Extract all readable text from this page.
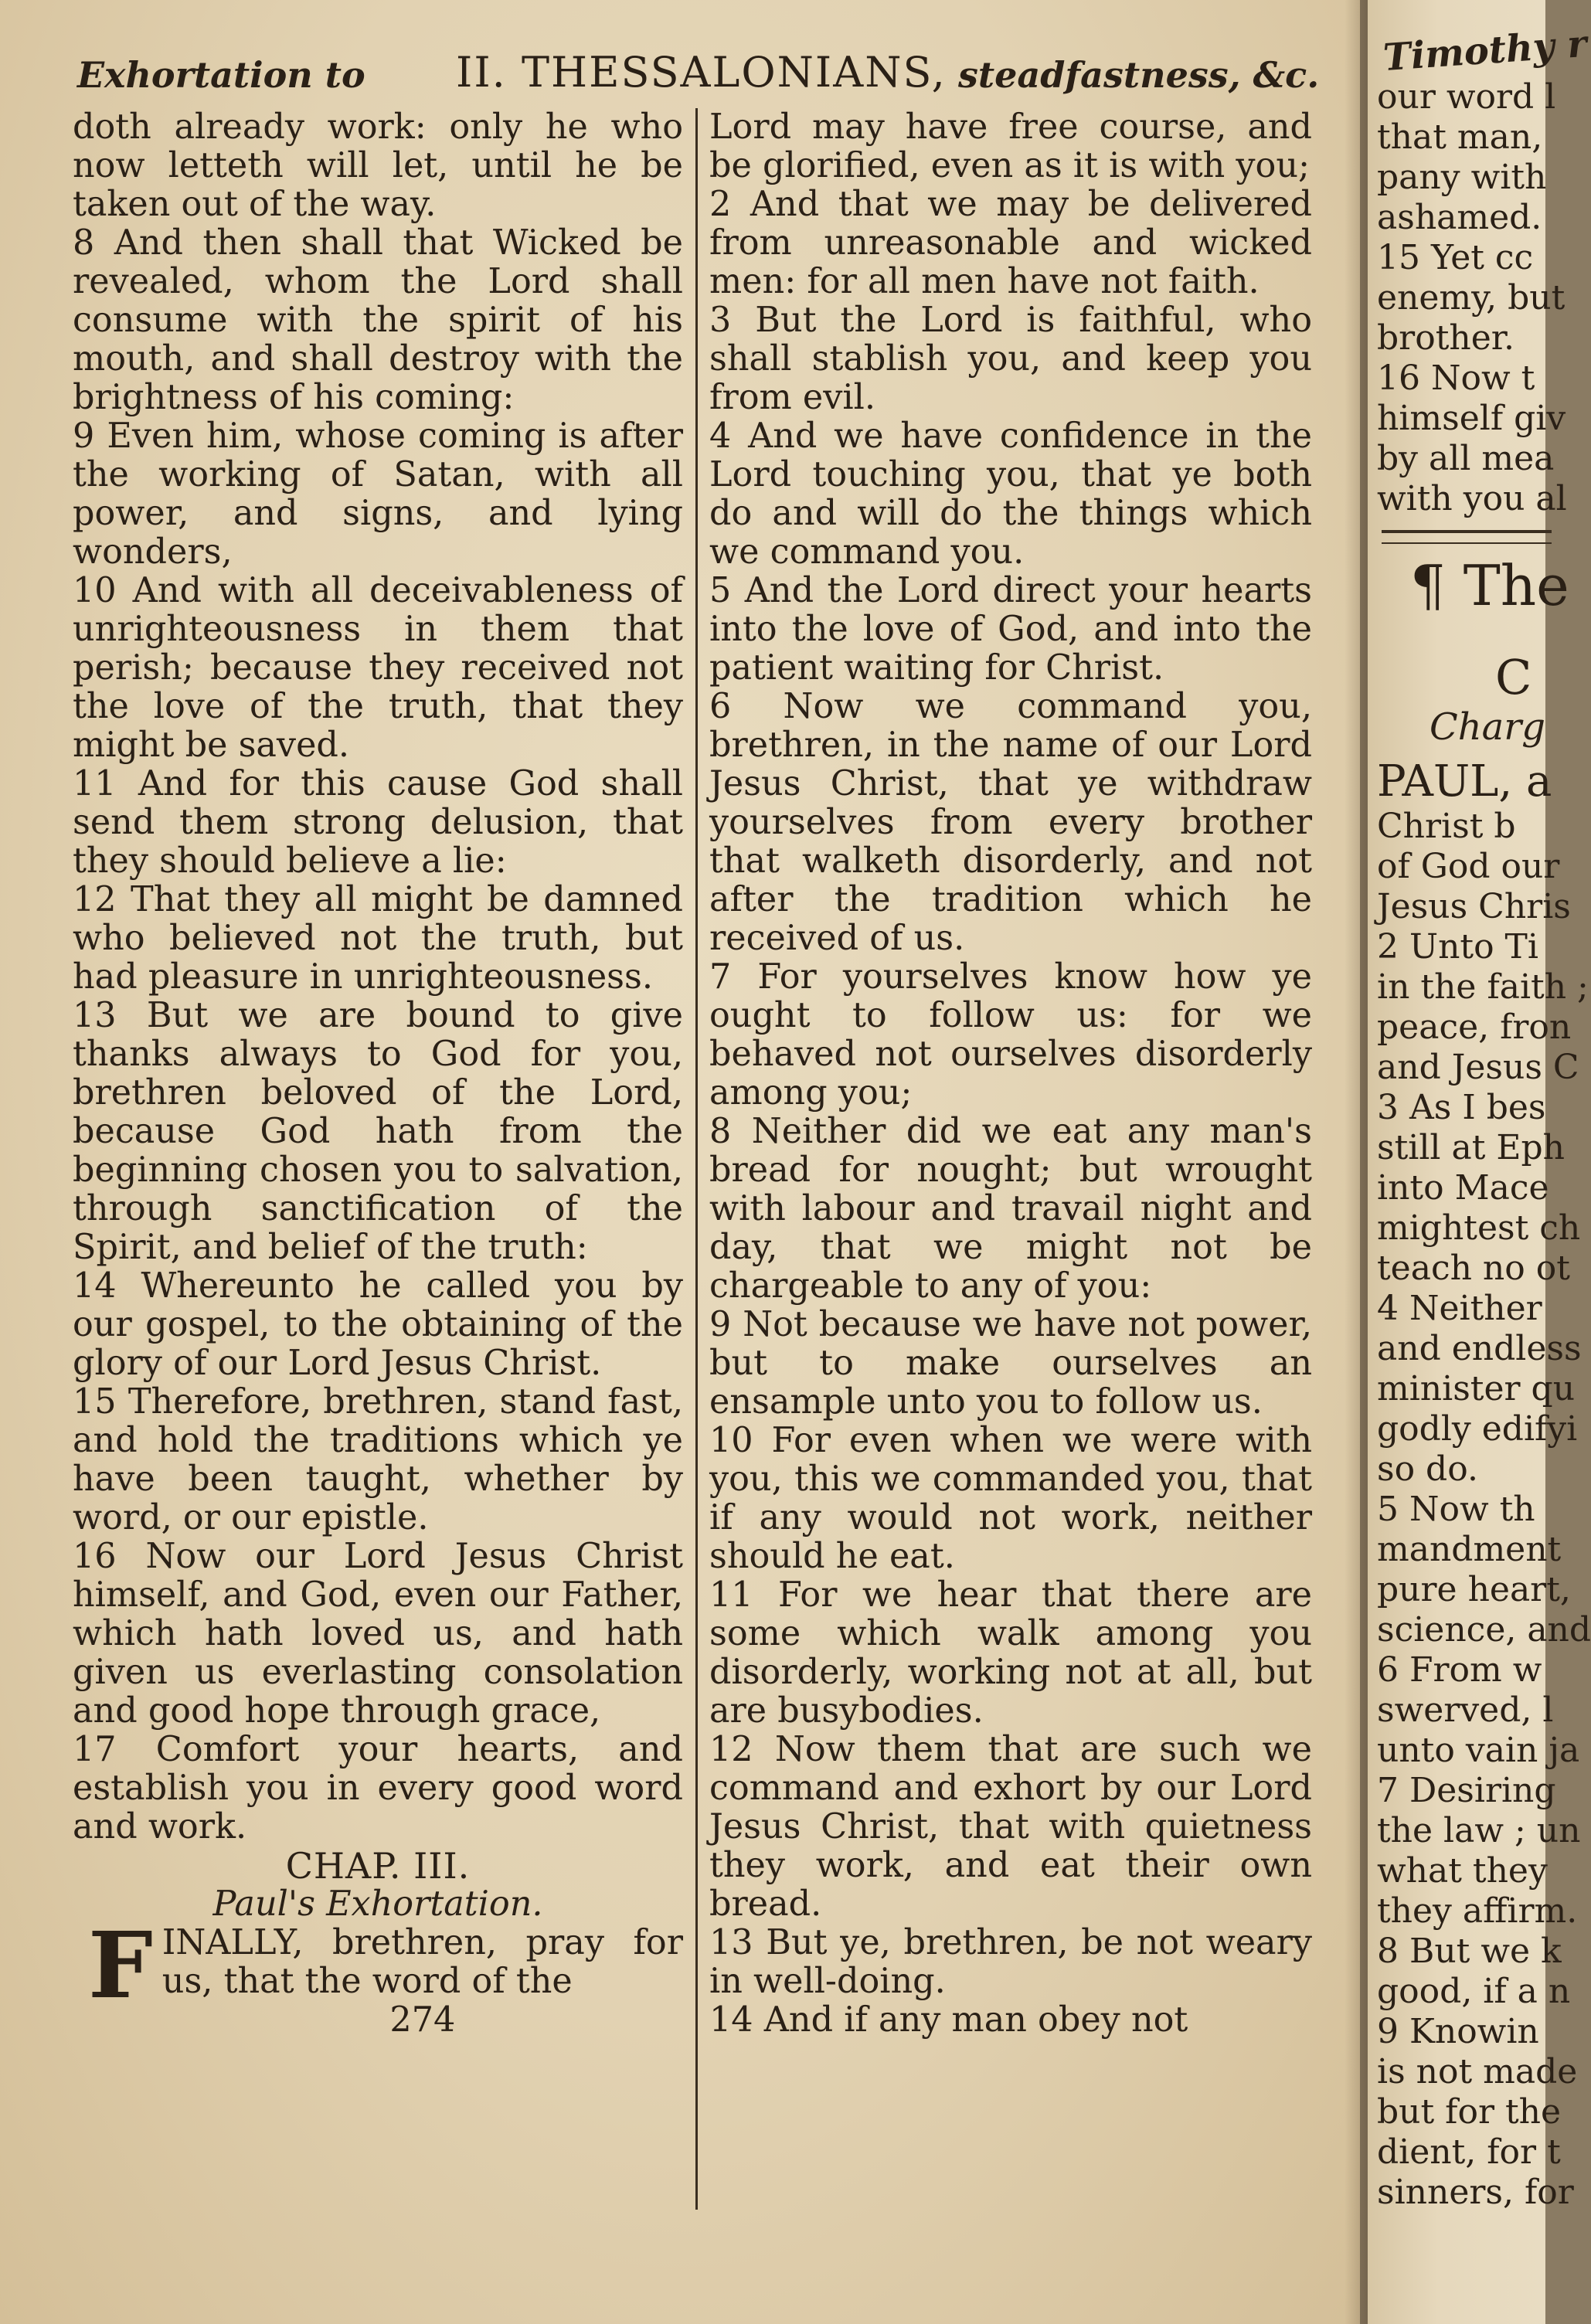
Exhortation to II. THESSALONIANS, steadfastness, &c.

doth already work: only he who now letteth will let, until he be taken out of the way.

8 And then shall that Wicked be revealed, whom the Lord shall consume with the spirit of his mouth, and shall destroy with the brightness of his coming:

9 Even him, whose coming is after the working of Satan, with all power, and signs, and lying wonders,

10 And with all deceivableness of unrighteousness in them that perish; because they received not the love of the truth, that they might be saved.

11 And for this cause God shall send them strong delusion, that they should believe a lie:

12 That they all might be damned who believed not the truth, but had pleasure in unrighteousness.

13 But we are bound to give thanks always to God for you, brethren beloved of the Lord, because God hath from the beginning chosen you to salvation, through sanctification of the Spirit, and belief of the truth:

14 Whereunto he called you by our gospel, to the obtaining of the glory of our Lord Jesus Christ.

15 Therefore, brethren, stand fast, and hold the traditions which ye have been taught, whether by word, or our epistle.

16 Now our Lord Jesus Christ himself, and God, even our Father, which hath loved us, and hath given us everlasting consolation and good hope through grace,

17 Comfort your hearts, and establish you in every good word and work.

CHAP. III.

Paul's Exhortation.

F INALLY, brethren, pray for us, that the word of the

274

Lord may have free course, and be glorified, even as it is with you;

2 And that we may be delivered from unreasonable and wicked men: for all men have not faith.

3 But the Lord is faithful, who shall stablish you, and keep you from evil.

4 And we have confidence in the Lord touching you, that ye both do and will do the things which we command you.

5 And the Lord direct your hearts into the love of God, and into the patient waiting for Christ.

6 Now we command you, brethren, in the name of our Lord Jesus Christ, that ye withdraw yourselves from every brother that walketh disorderly, and not after the tradition which he received of us.

7 For yourselves know how ye ought to follow us: for we behaved not ourselves disorderly among you;

8 Neither did we eat any man's bread for nought; but wrought with labour and travail night and day, that we might not be chargeable to any of you:

9 Not because we have not power, but to make ourselves an ensample unto you to follow us.

10 For even when we were with you, this we commanded you, that if any would not work, neither should he eat.

11 For we hear that there are some which walk among you disorderly, working not at all, but are busybodies.

12 Now them that are such we command and exhort by our Lord Jesus Christ, that with quietness they work, and eat their own bread.

13 But ye, brethren, be not weary in well-doing.

14 And if any man obey not

Timothy r

our word l

that man,

pany with

ashamed.

15 Yet cc

enemy, but

brother.

16 Now t

himself giv

by all mea

with you al

¶ The

C

Charg

PAUL, a

Christ b

of God our

Jesus Chris

2 Unto Ti

in the faith ;

peace, fron

and Jesus C

3 As I bes

still at Eph

into Mace

mightest ch

teach no ot

4 Neither

and endless

minister qu

godly edifyi

so do.

5 Now th

mandment

pure heart,

science, and

6 From w

swerved, l

unto vain ja

7 Desiring

the law ; un

what they

they affirm.

8 But we k

good, if a n

9 Knowin

is not made

but for the

dient, for t

sinners, for
